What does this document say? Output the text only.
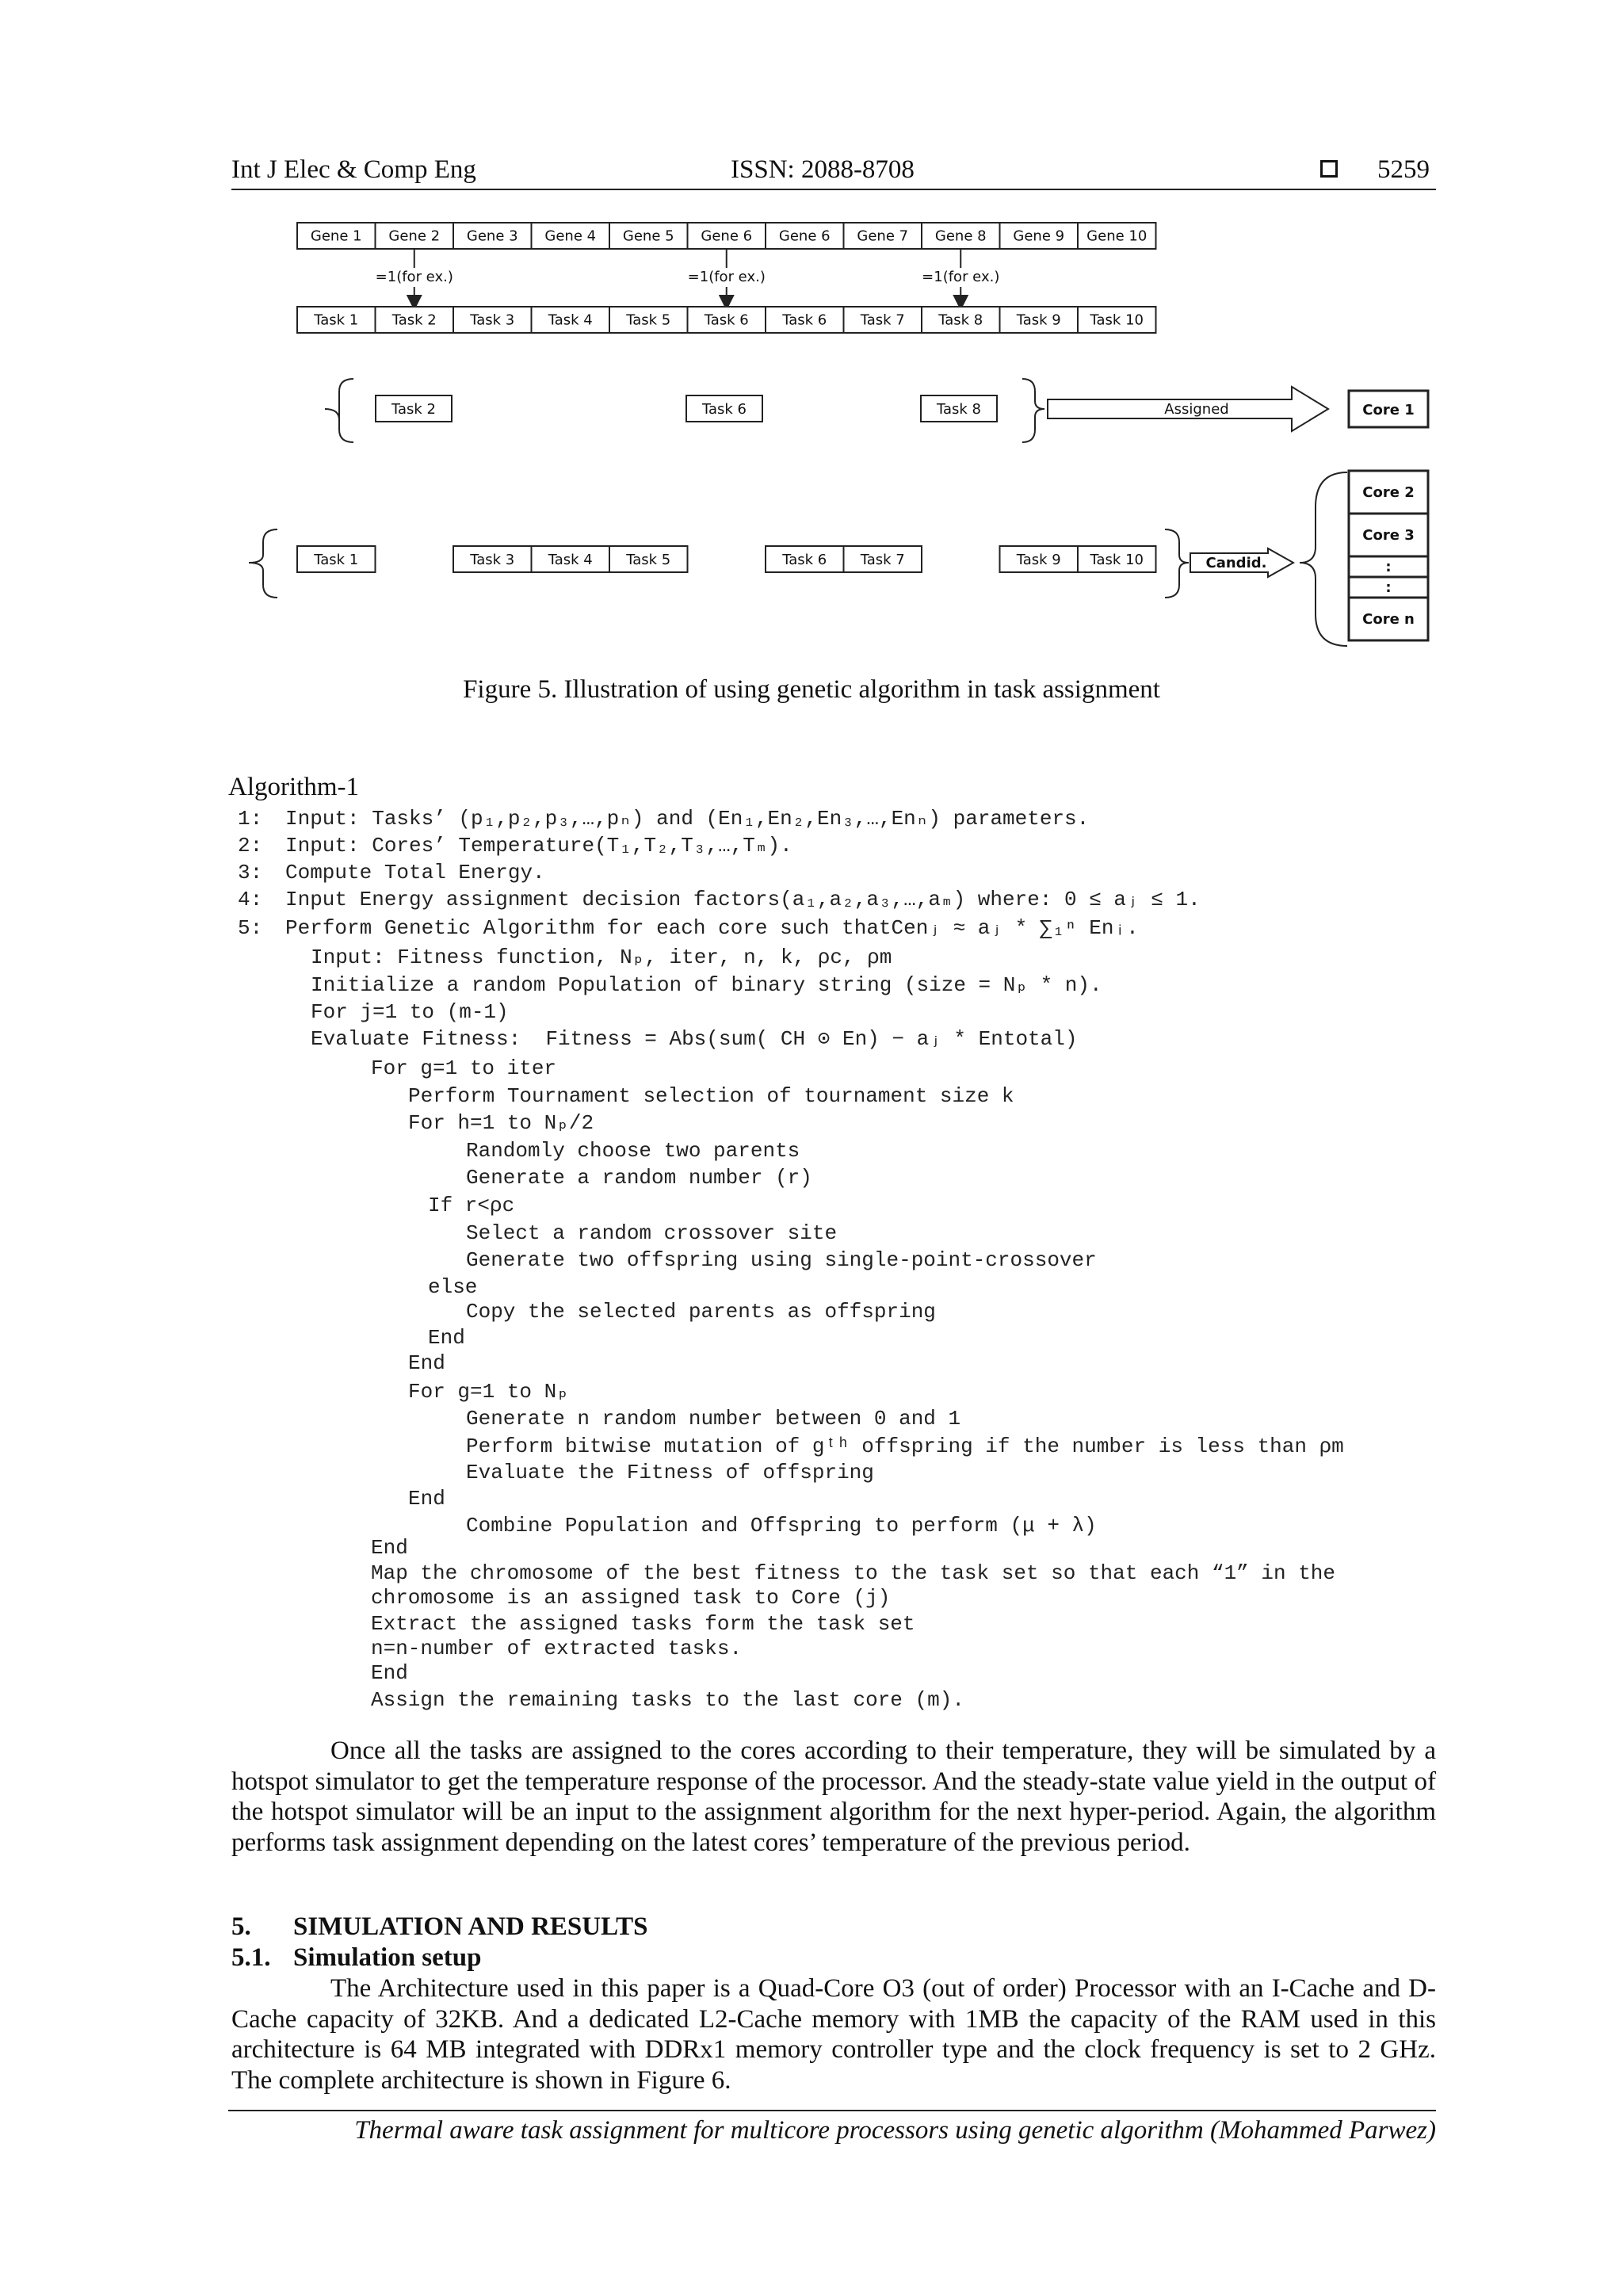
Int J Elec & Comp Eng	ISSN: 2088-8708	5259
Gene 1 Gene 2 Gene 3 Gene 4 Gene 5 Gene 6 Gene 6 Gene 7 Gene 8 Gene 9 Gene 10
=1(for ex.)	=1(for ex.)	=1(for ex.)
Task 1 Task 2 Task 3 Task 4 Task 5 Task 6 Task 6 Task 7 Task 8 Task 9 Task 10
Task 2	Task 6	Task 8	Assigned	Core 1
Task 1	Task 3 Task 4 Task 5	Task 6 Task 7	Task 9 Task 10	Candid.
Core 2
Core 3
:
:
Core n
Figure 5. Illustration of using genetic algorithm in task assignment
Algorithm-1
1: Input: Tasks’ (p₁,p₂,p₃,…,pₙ) and (En₁,En₂,En₃,…,Enₙ) parameters.
2: Input: Cores’ Temperature(T₁,T₂,T₃,…,Tₘ).
3: Compute Total Energy.
4: Input Energy assignment decision factors(a₁,a₂,a₃,…,aₘ) where: 0 ≤ aⱼ ≤ 1.
5: Perform Genetic Algorithm for each core such thatCenⱼ ≈ aⱼ * ∑₁ⁿ Enᵢ.
Input: Fitness function, Nₚ, iter, n, k, ρc, ρm
Initialize a random Population of binary string (size = Nₚ * n).
For j=1 to (m-1)
Evaluate Fitness:  Fitness = Abs(sum( CH ⊙ En) − aⱼ * Entotal)
For g=1 to iter
Perform Tournament selection of tournament size k
For h=1 to Nₚ/2
Randomly choose two parents
Generate a random number (r)
If r<ρc
Select a random crossover site
Generate two offspring using single-point-crossover
else
Copy the selected parents as offspring
End
End
For g=1 to Nₚ
Generate n random number between 0 and 1
Perform bitwise mutation of gᵗʰ offspring if the number is less than ρm
Evaluate the Fitness of offspring
End
Combine Population and Offspring to perform (μ + λ)
End
Map the chromosome of the best fitness to the task set so that each “1” in the
chromosome is an assigned task to Core (j)
Extract the assigned tasks form the task set
n=n-number of extracted tasks.
End
Assign the remaining tasks to the last core (m).

Once all the tasks are assigned to the cores according to their temperature, they will be simulated by a hotspot simulator to get the temperature response of the processor. And the steady-state value yield in the output of the hotspot simulator will be an input to the assignment algorithm for the next hyper-period. Again, the algorithm performs task assignment depending on the latest cores’ temperature of the previous period.

5. SIMULATION AND RESULTS
5.1. Simulation setup

The Architecture used in this paper is a Quad-Core O3 (out of order) Processor with an I-Cache and D-Cache capacity of 32KB. And a dedicated L2-Cache memory with 1MB the capacity of the RAM used in this architecture is 64 MB integrated with DDRx1 memory controller type and the clock frequency is set to 2 GHz. The complete architecture is shown in Figure 6.

Thermal aware task assignment for multicore processors using genetic algorithm (Mohammed Parwez)
